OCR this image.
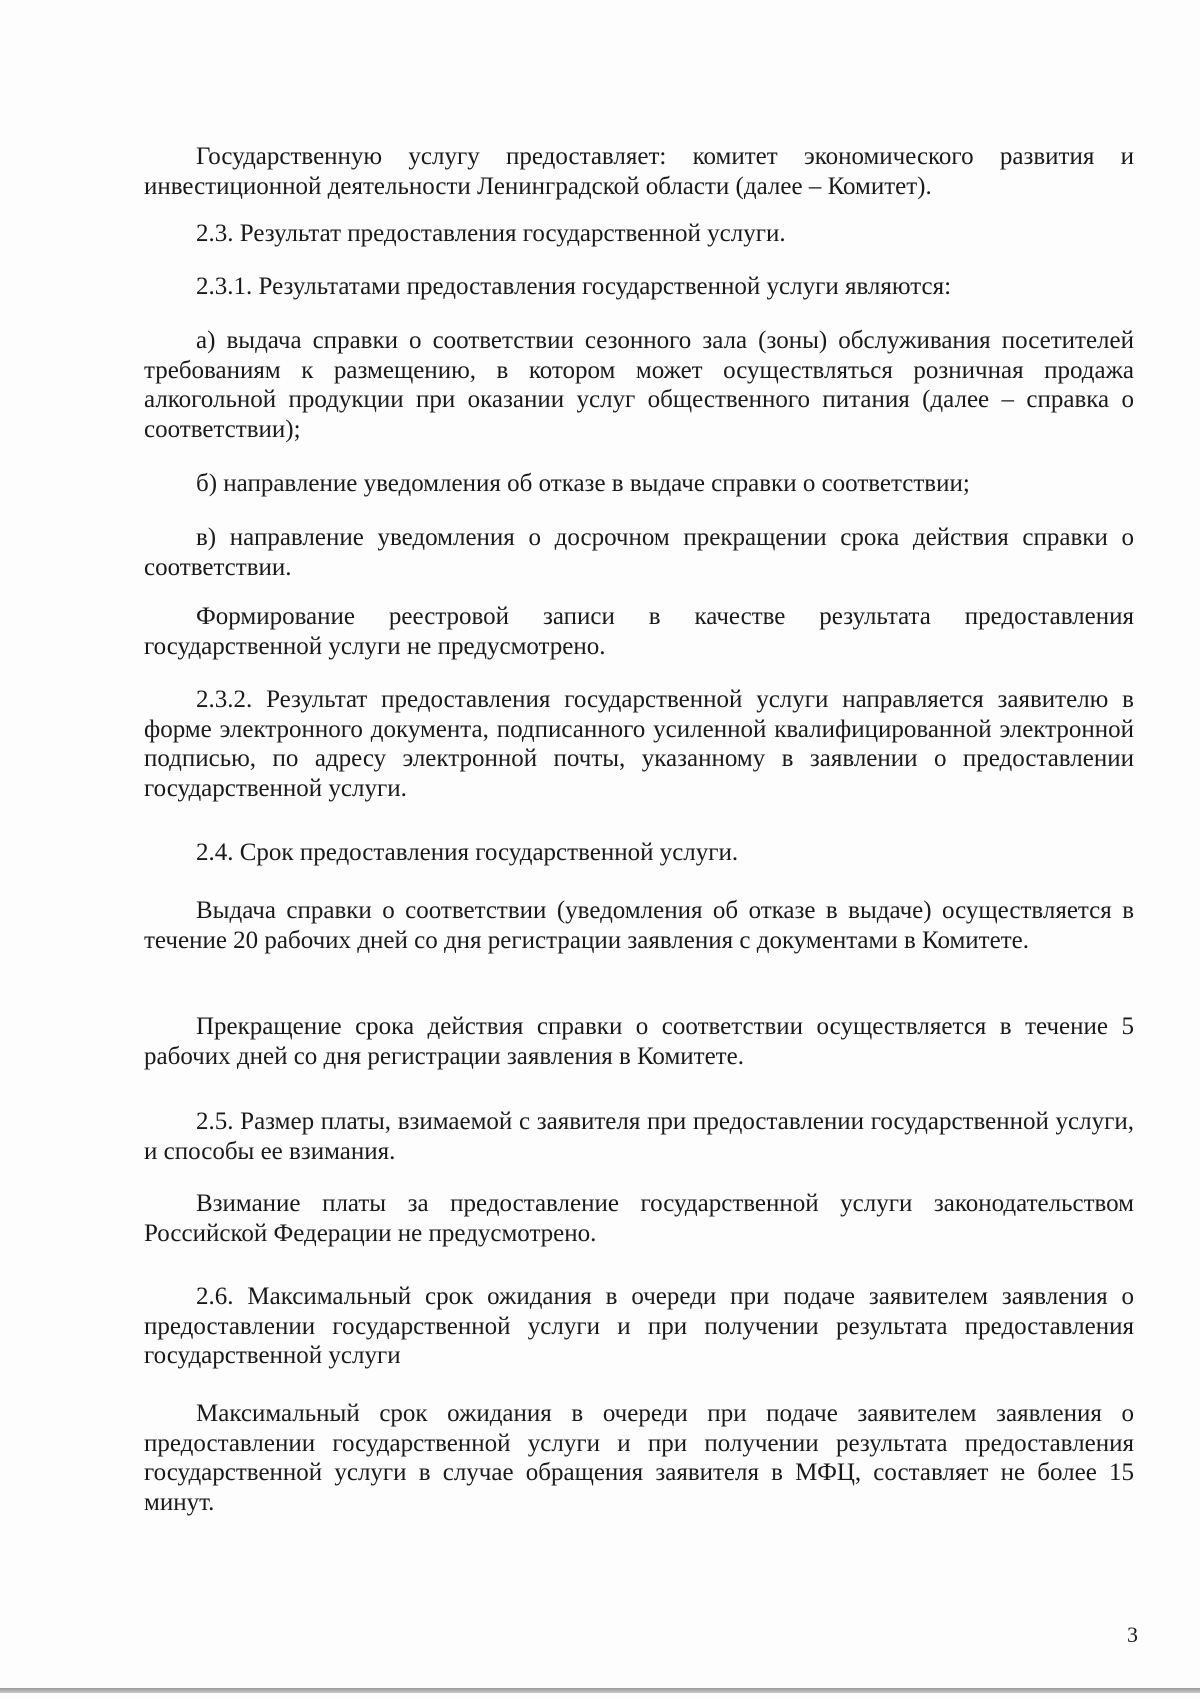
Государственную услугу предоставляет: комитет экономического развития и инвестиционной деятельности Ленинградской области (далее – Комитет).

2.3. Результат предоставления государственной услуги.

2.3.1. Результатами предоставления государственной услуги являются:

а) выдача справки о соответствии сезонного зала (зоны) обслуживания посетителей требованиям к размещению, в котором может осуществляться розничная продажа алкогольной продукции при оказании услуг общественного питания (далее – справка о соответствии);

б) направление уведомления об отказе в выдаче справки о соответствии;

в) направление уведомления о досрочном прекращении срока действия справки о соответствии.

Формирование реестровой записи в качестве результата предоставления государственной услуги не предусмотрено.

2.3.2. Результат предоставления государственной услуги направляется заявителю в форме электронного документа, подписанного усиленной квалифицированной электронной подписью, по адресу электронной почты, указанному в заявлении о предоставлении государственной услуги.

2.4. Срок предоставления государственной услуги.

Выдача справки о соответствии (уведомления об отказе в выдаче) осуществляется в течение 20 рабочих дней со дня регистрации заявления с документами в Комитете.

Прекращение срока действия справки о соответствии осуществляется в течение 5 рабочих дней со дня регистрации заявления в Комитете.

2.5. Размер платы, взимаемой с заявителя при предоставлении государственной услуги, и способы ее взимания.

Взимание платы за предоставление государственной услуги законодательством Российской Федерации не предусмотрено.

2.6. Максимальный срок ожидания в очереди при подаче заявителем заявления о предоставлении государственной услуги и при получении результата предоставления государственной услуги

Максимальный срок ожидания в очереди при подаче заявителем заявления о предоставлении государственной услуги и при получении результата предоставления государственной услуги в случае обращения заявителя в МФЦ, составляет не более 15 минут.

3
